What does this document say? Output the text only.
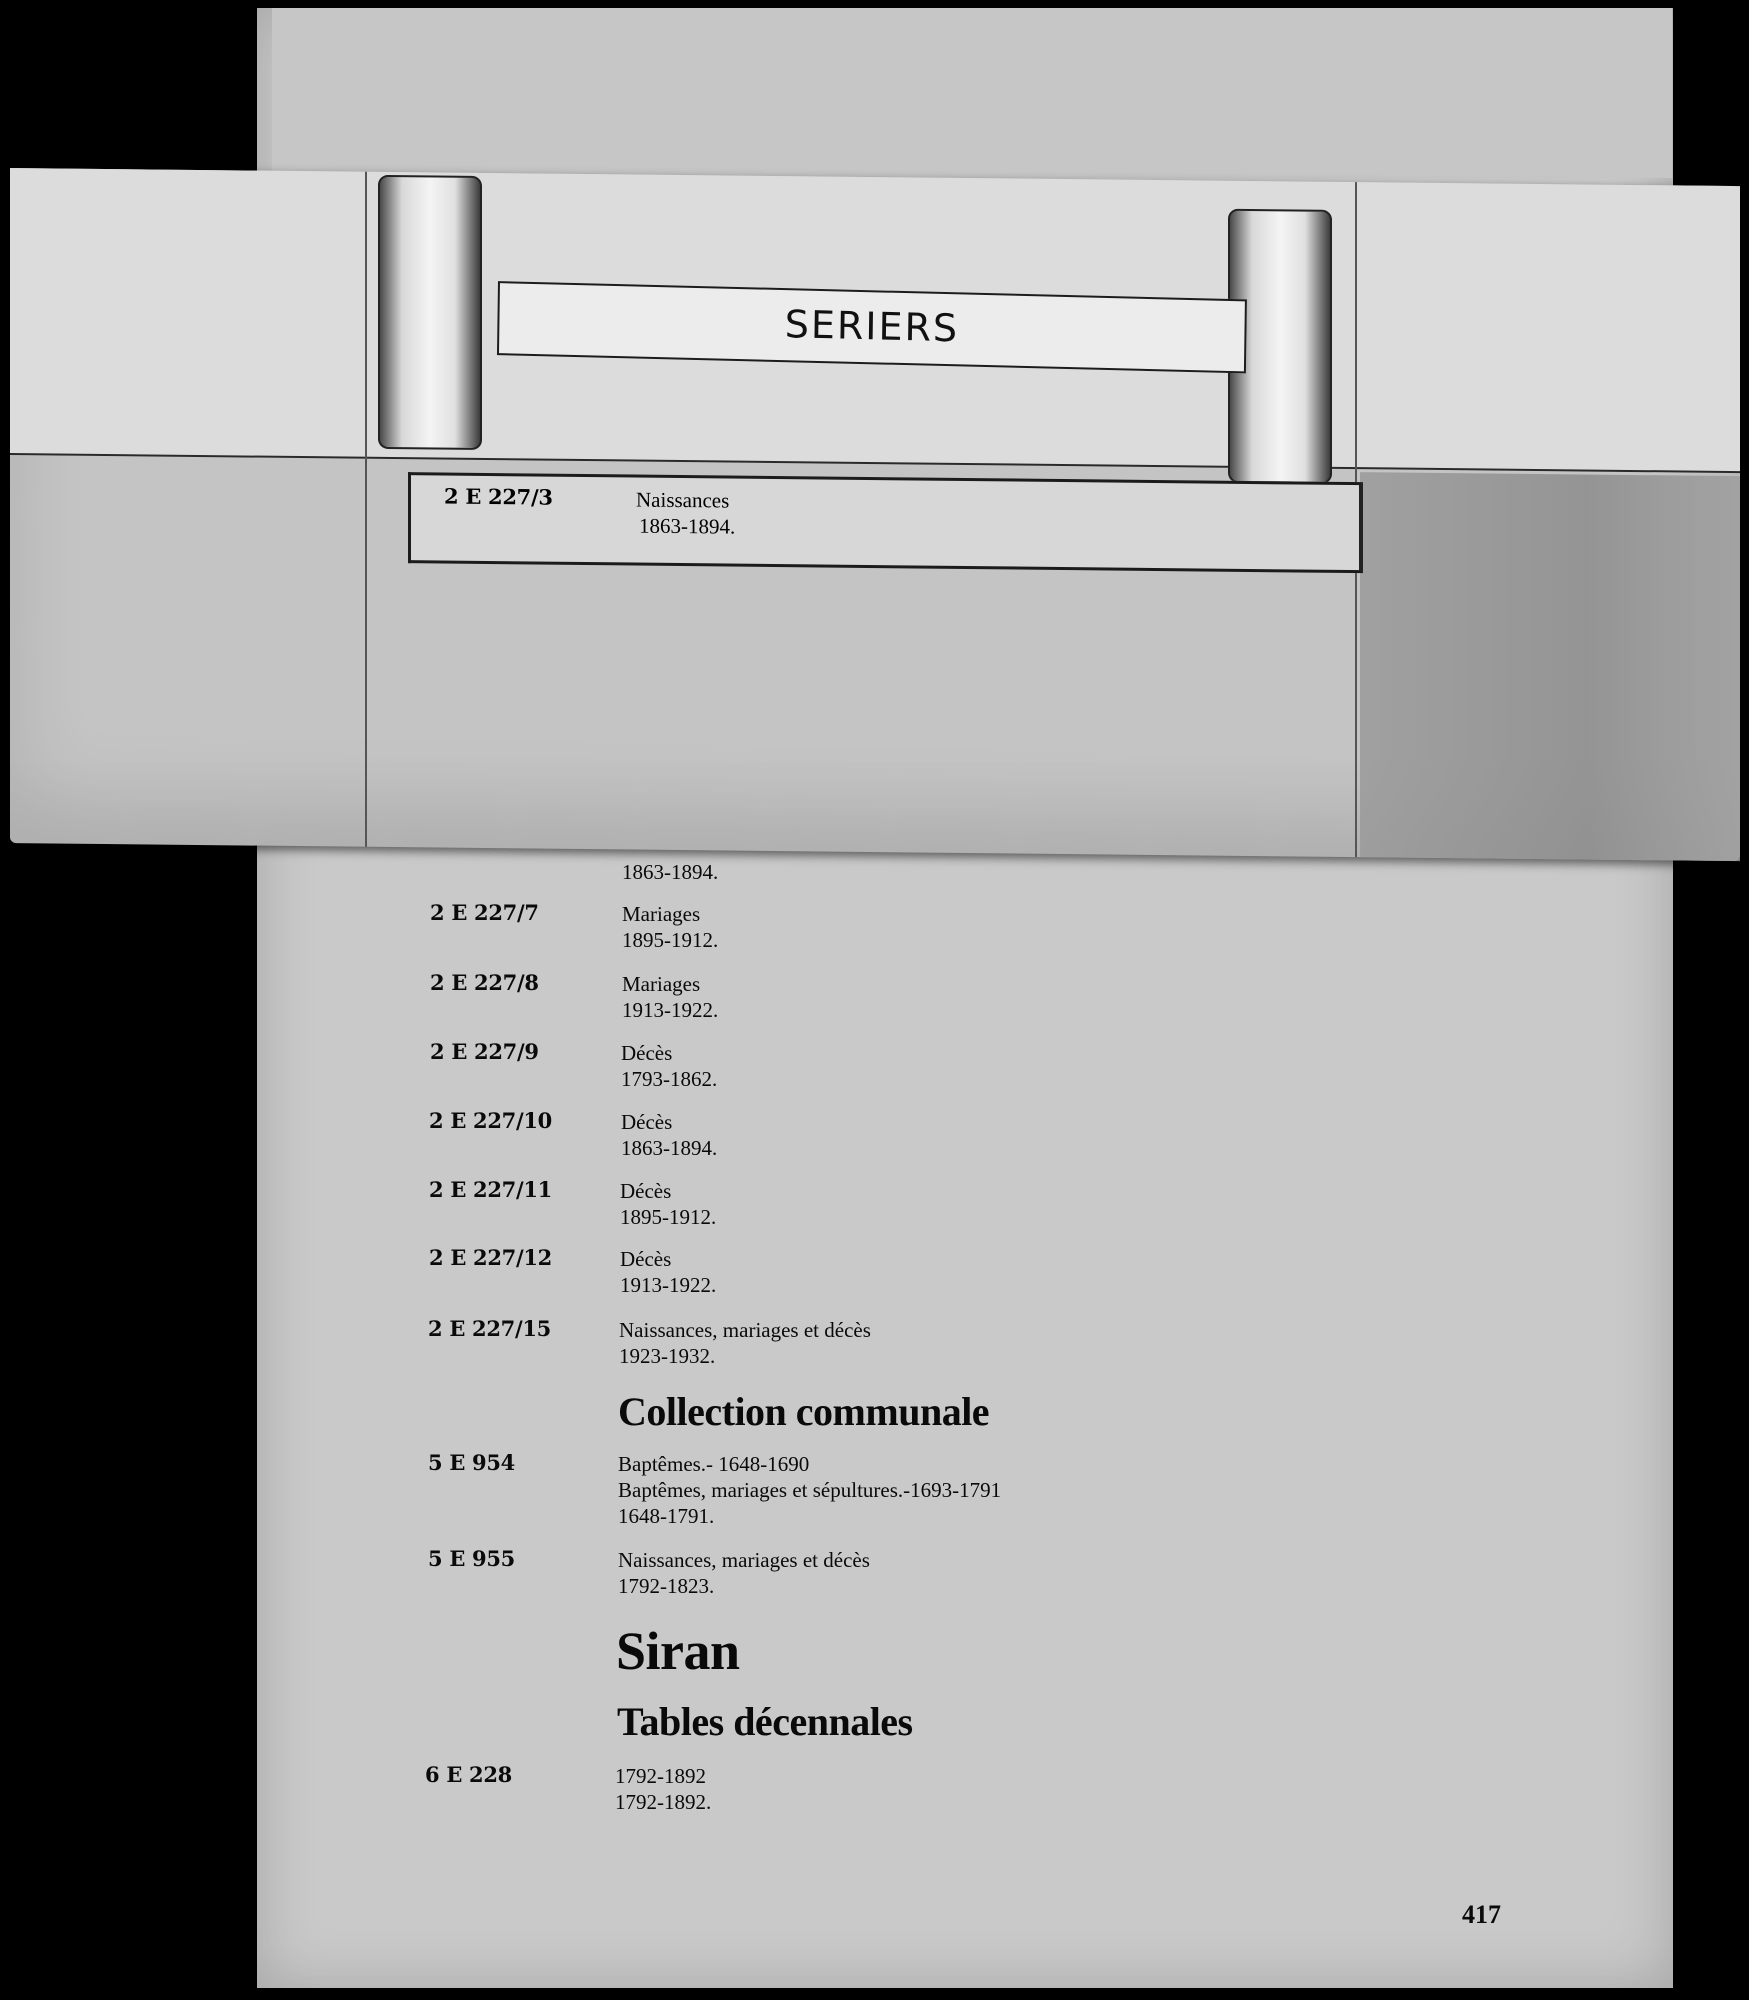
1863-1894.
2 E 227/7	Mariages
1895-1912.
2 E 227/8	Mariages
1913-1922.
2 E 227/9	Décès
1793-1862.
2 E 227/10	Décès
1863-1894.
2 E 227/11	Décès
1895-1912.
2 E 227/12	Décès
1913-1922.
2 E 227/15	Naissances, mariages et décès
1923-1932.
Collection communale
5 E 954	Baptêmes.- 1648-1690
Baptêmes, mariages et sépultures.-1693-1791
1648-1791.
5 E 955	Naissances, mariages et décès
1792-1823.
Siran
Tables décennales
6 E 228	1792-1892
1792-1892.
417
SERIERS
2 E 227/3	Naissances
1863-1894.
